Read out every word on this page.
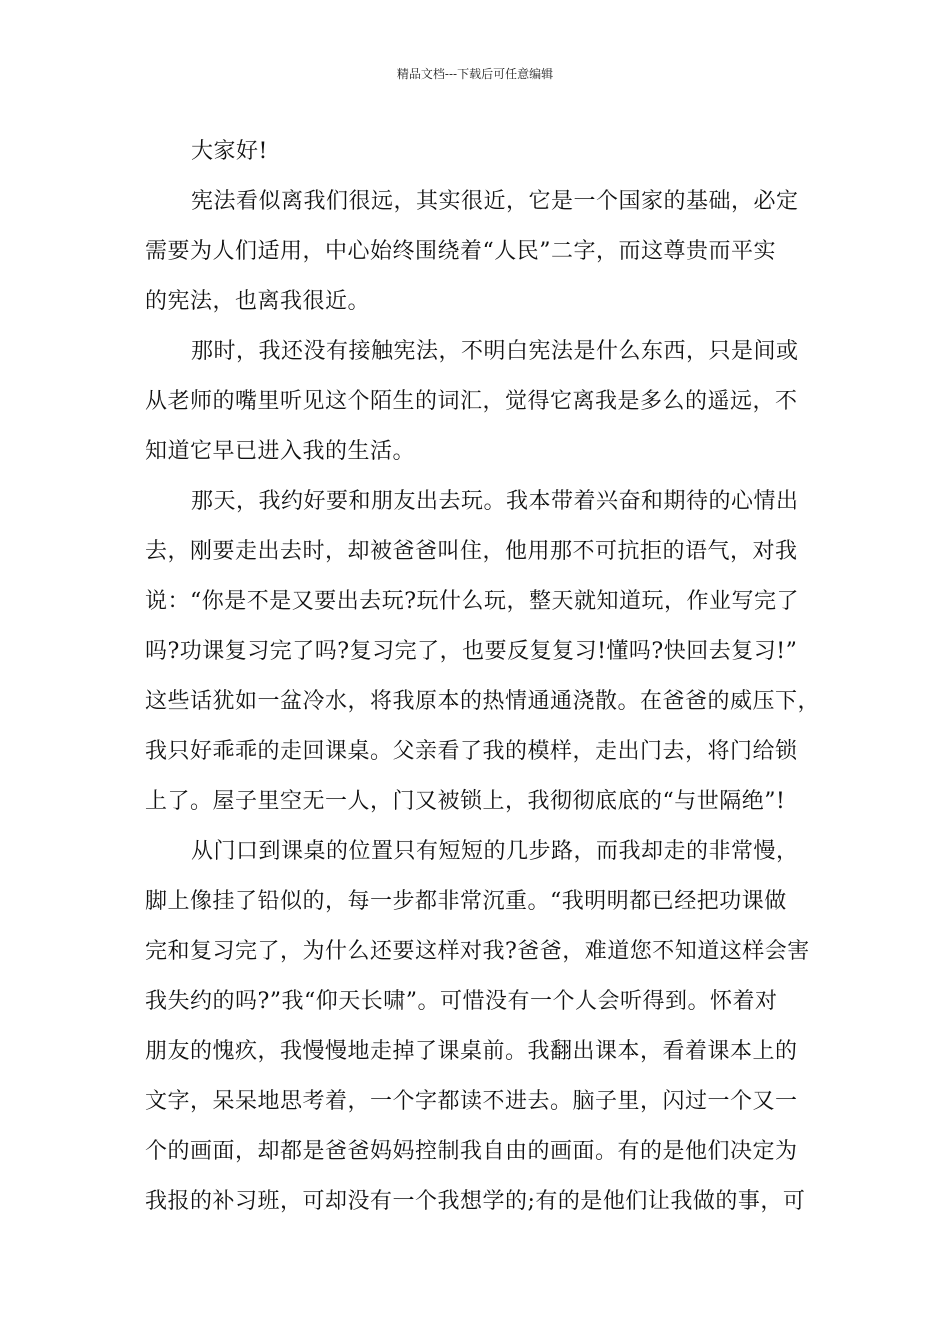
精品文档---下载后可任意编辑
大家好!
宪法看似离我们很远，其实很近，它是一个国家的基础，必定
需要为人们适用，中心始终围绕着“人民”二字，而这尊贵而平实
的宪法，也离我很近。
那时，我还没有接触宪法，不明白宪法是什么东西，只是间或
从老师的嘴里听见这个陌生的词汇，觉得它离我是多么的遥远，不
知道它早已进入我的生活。
那天，我约好要和朋友出去玩。我本带着兴奋和期待的心情出
去，刚要走出去时，却被爸爸叫住，他用那不可抗拒的语气，对我
说：“你是不是又要出去玩?玩什么玩，整天就知道玩，作业写完了
吗?功课复习完了吗?复习完了，也要反复复习!懂吗?快回去复习!”
这些话犹如一盆冷水，将我原本的热情通通浇散。在爸爸的威压下，
我只好乖乖的走回课桌。父亲看了我的模样，走出门去，将门给锁
上了。屋子里空无一人，门又被锁上，我彻彻底底的“与世隔绝”!
从门口到课桌的位置只有短短的几步路，而我却走的非常慢，
脚上像挂了铅似的，每一步都非常沉重。“我明明都已经把功课做
完和复习完了，为什么还要这样对我?爸爸，难道您不知道这样会害
我失约的吗?”我“仰天长啸”。可惜没有一个人会听得到。怀着对
朋友的愧疚，我慢慢地走掉了课桌前。我翻出课本，看着课本上的
文字，呆呆地思考着，一个字都读不进去。脑子里，闪过一个又一
个的画面，却都是爸爸妈妈控制我自由的画面。有的是他们决定为
我报的补习班，可却没有一个我想学的;有的是他们让我做的事，可
